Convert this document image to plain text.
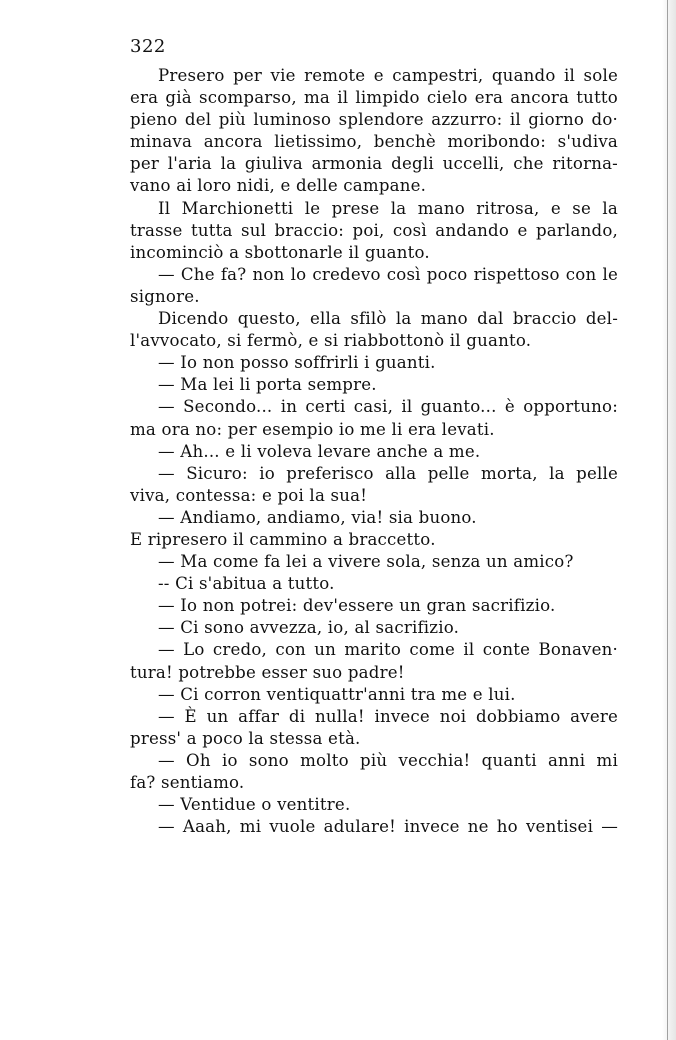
322
Presero per vie remote e campestri, quando il sole
era già scomparso, ma il limpido cielo era ancora tutto
pieno del più luminoso splendore azzurro: il giorno do·
minava ancora lietissimo, benchè moribondo: s'udiva
per l'aria la giuliva armonia degli uccelli, che ritorna-
vano ai loro nidi, e delle campane.
Il Marchionetti le prese la mano ritrosa, e se la
trasse tutta sul braccio: poi, così andando e parlando,
incominciò a sbottonarle il guanto.
— Che fa? non lo credevo così poco rispettoso con le
signore.
Dicendo questo, ella sfilò la mano dal braccio del-
l'avvocato, si fermò, e si riabbottonò il guanto.
— Io non posso soffrirli i guanti.
— Ma lei li porta sempre.
— Secondo... in certi casi, il guanto... è opportuno:
ma ora no: per esempio io me li era levati.
— Ah... e li voleva levare anche a me.
— Sicuro: io preferisco alla pelle morta, la pelle
viva, contessa: e poi la sua!
— Andiamo, andiamo, via! sia buono.
E ripresero il cammino a braccetto.
— Ma come fa lei a vivere sola, senza un amico?
-- Ci s'abitua a tutto.
— Io non potrei: dev'essere un gran sacrifizio.
— Ci sono avvezza, io, al sacrifizio.
— Lo credo, con un marito come il conte Bonaven·
tura! potrebbe esser suo padre!
— Ci corron ventiquattr'anni tra me e lui.
— È un affar di nulla! invece noi dobbiamo avere
press' a poco la stessa età.
— Oh io sono molto più vecchia! quanti anni mi
fa? sentiamo.
— Ventidue o ventitre.
— Aaah, mi vuole adulare! invece ne ho ventisei —
